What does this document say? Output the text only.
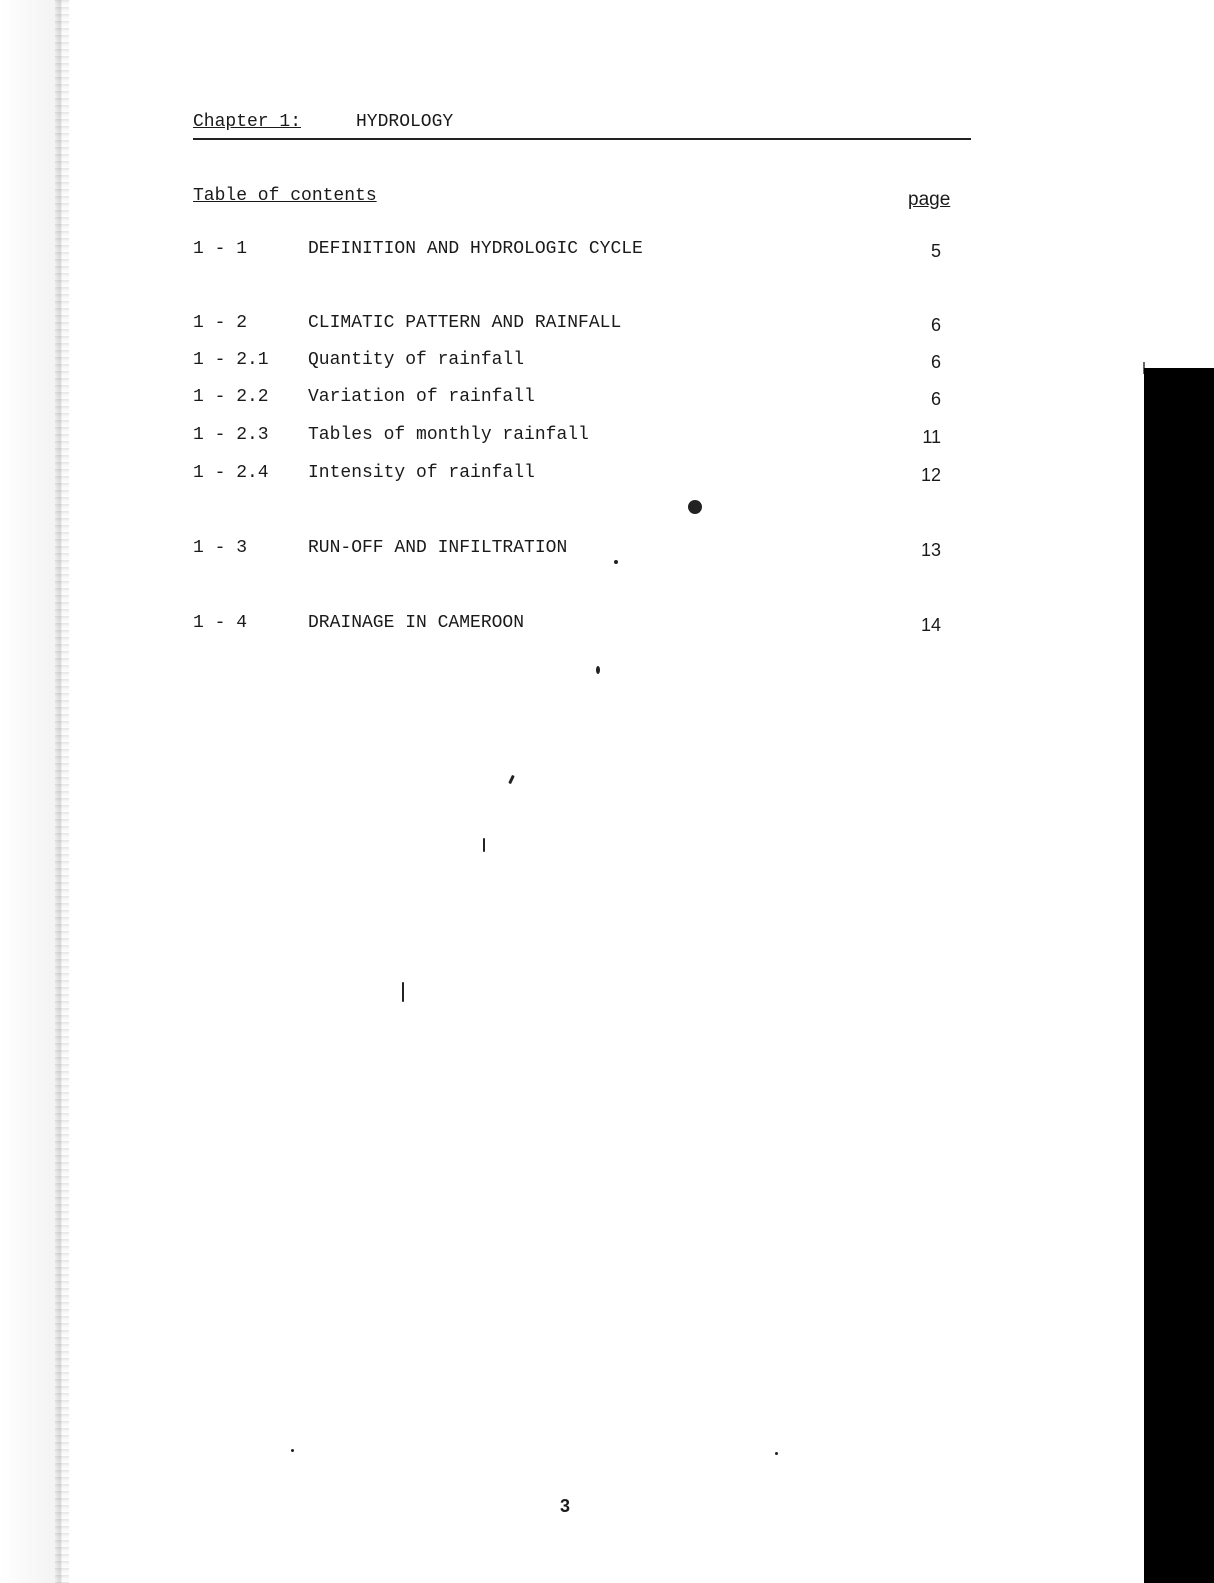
Chapter 1:	HYDROLOGY
Table of contents	page
1 - 1	DEFINITION AND HYDROLOGIC CYCLE	5
1 - 2	CLIMATIC PATTERN AND RAINFALL	6
1 - 2.1 Quantity of rainfall	6
1 - 2.2 Variation of rainfall	6
1 - 2.3 Tables of monthly rainfall	11
1 - 2.4 Intensity of rainfall	12
1 - 3	RUN-OFF AND INFILTRATION	13
1 - 4	DRAINAGE IN CAMEROON	14
3
